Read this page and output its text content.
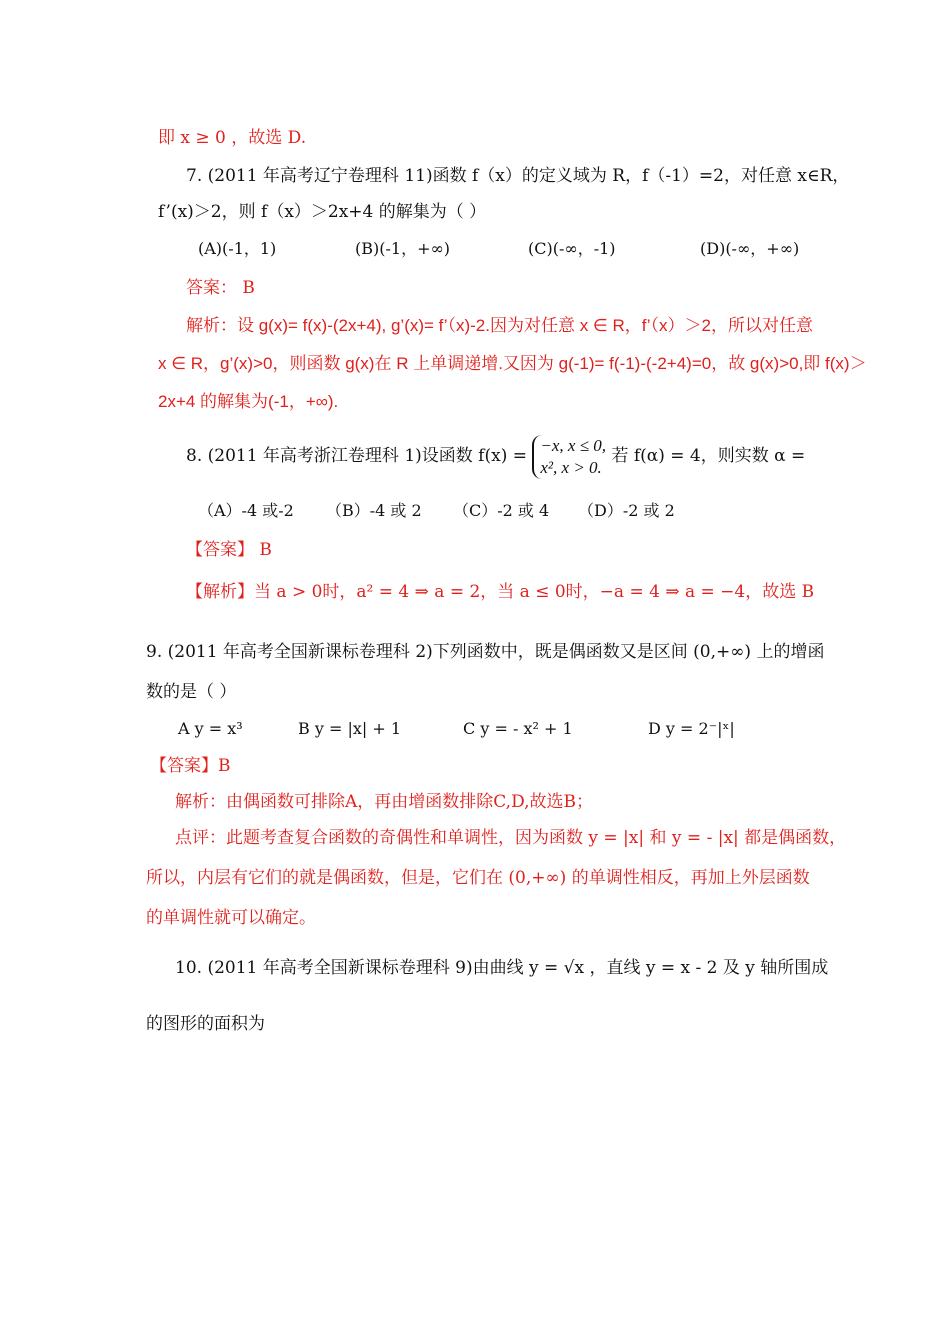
即 x ≥ 0 ，故选 D.
7. (2011 年高考辽宁卷理科 11)函数 f（x）的定义域为 R，f（-1）=2，对任意 x∈R，
f’(x)＞2，则 f（x）＞2x+4 的解集为（ ）
(A)(-1，1)	(B)(-1，+∞)	(C)(-∞，-1)	(D)(-∞，+∞)
答案： B
解析：设 g(x)= f(x)-(2x+4), g’(x)= f’（x)-2.因为对任意 x ∈ R，f’（x）＞2，所以对任意
x ∈ R，g’(x)>0，则函数 g(x)在 R 上单调递增.又因为 g(-1)= f(-1)-(-2+4)=0，故 g(x)>0,即 f(x)＞
2x+4 的解集为(-1，+∞).
8. (2011 年高考浙江卷理科 1)设函数 f(x) =
−x, x ≤ 0,
x², x > 0.
若 f(α) = 4，则实数 α =
（A）-4 或-2 （B）-4 或 2 （C）-2 或 4 （D）-2 或 2
【答案】 B
【解析】当 a > 0时，a² = 4 ⇒ a = 2，当 a ≤ 0时，−a = 4 ⇒ a = −4，故选 B
9. (2011 年高考全国新课标卷理科 2)下列函数中，既是偶函数又是区间 (0,+∞) 上的增函
数的是（ ）
A y = x³	B y = |x| + 1	C y = - x² + 1	D y = 2⁻|ˣ|
【答案】B
解析：由偶函数可排除A，再由增函数排除C,D,故选B；
点评：此题考查复合函数的奇偶性和单调性，因为函数 y = |x| 和 y = - |x| 都是偶函数，
所以，内层有它们的就是偶函数，但是，它们在 (0,+∞) 的单调性相反，再加上外层函数
的单调性就可以确定。
10. (2011 年高考全国新课标卷理科 9)由曲线 y = √x ，直线 y = x - 2 及 y 轴所围成
的图形的面积为
